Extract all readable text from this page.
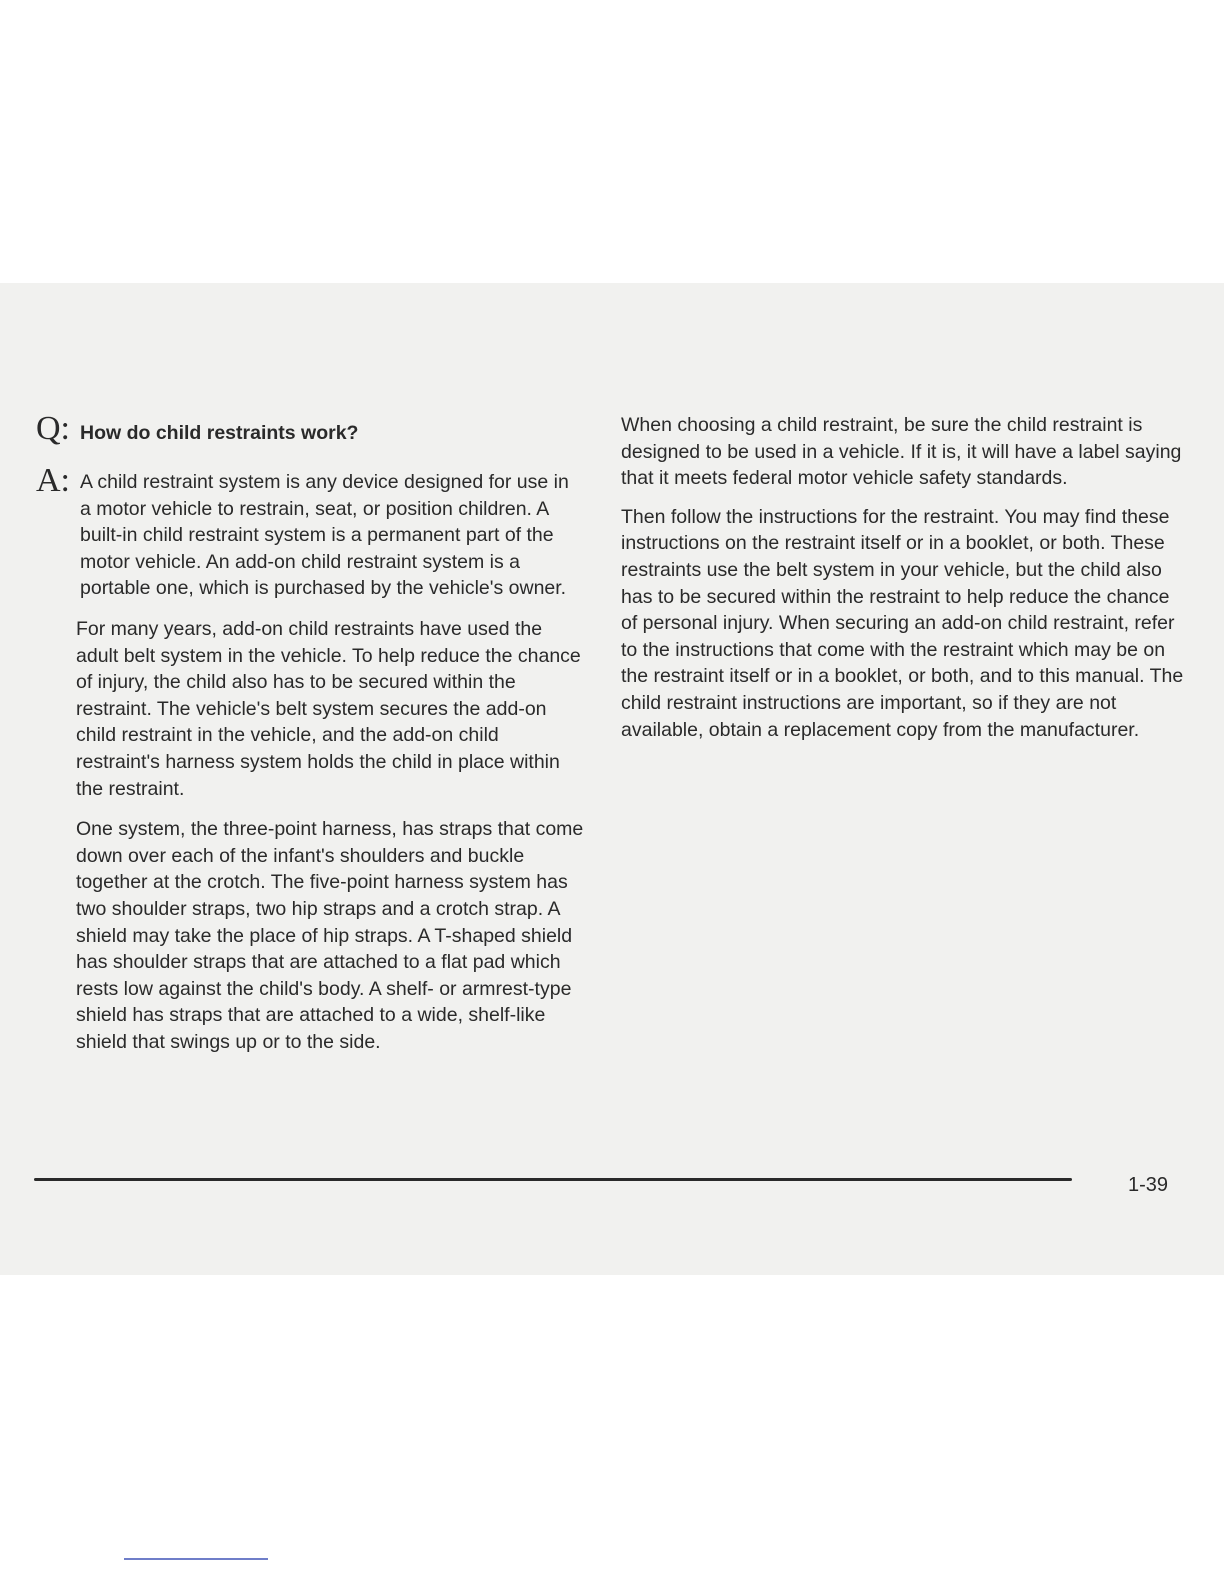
Q: How do child restraints work?
A: A child restraint system is any device designed for use in a motor vehicle to restrain, seat, or position children. A built-in child restraint system is a permanent part of the motor vehicle. An add-on child restraint system is a portable one, which is purchased by the vehicle's owner.

For many years, add-on child restraints have used the adult belt system in the vehicle. To help reduce the chance of injury, the child also has to be secured within the restraint. The vehicle's belt system secures the add-on child restraint in the vehicle, and the add-on child restraint's harness system holds the child in place within the restraint.

One system, the three-point harness, has straps that come down over each of the infant's shoulders and buckle together at the crotch. The five-point harness system has two shoulder straps, two hip straps and a crotch strap. A shield may take the place of hip straps. A T-shaped shield has shoulder straps that are attached to a flat pad which rests low against the child's body. A shelf- or armrest-type shield has straps that are attached to a wide, shelf-like shield that swings up or to the side.

When choosing a child restraint, be sure the child restraint is designed to be used in a vehicle. If it is, it will have a label saying that it meets federal motor vehicle safety standards.

Then follow the instructions for the restraint. You may find these instructions on the restraint itself or in a booklet, or both. These restraints use the belt system in your vehicle, but the child also has to be secured within the restraint to help reduce the chance of personal injury. When securing an add-on child restraint, refer to the instructions that come with the restraint which may be on the restraint itself or in a booklet, or both, and to this manual. The child restraint instructions are important, so if they are not available, obtain a replacement copy from the manufacturer.

1-39
